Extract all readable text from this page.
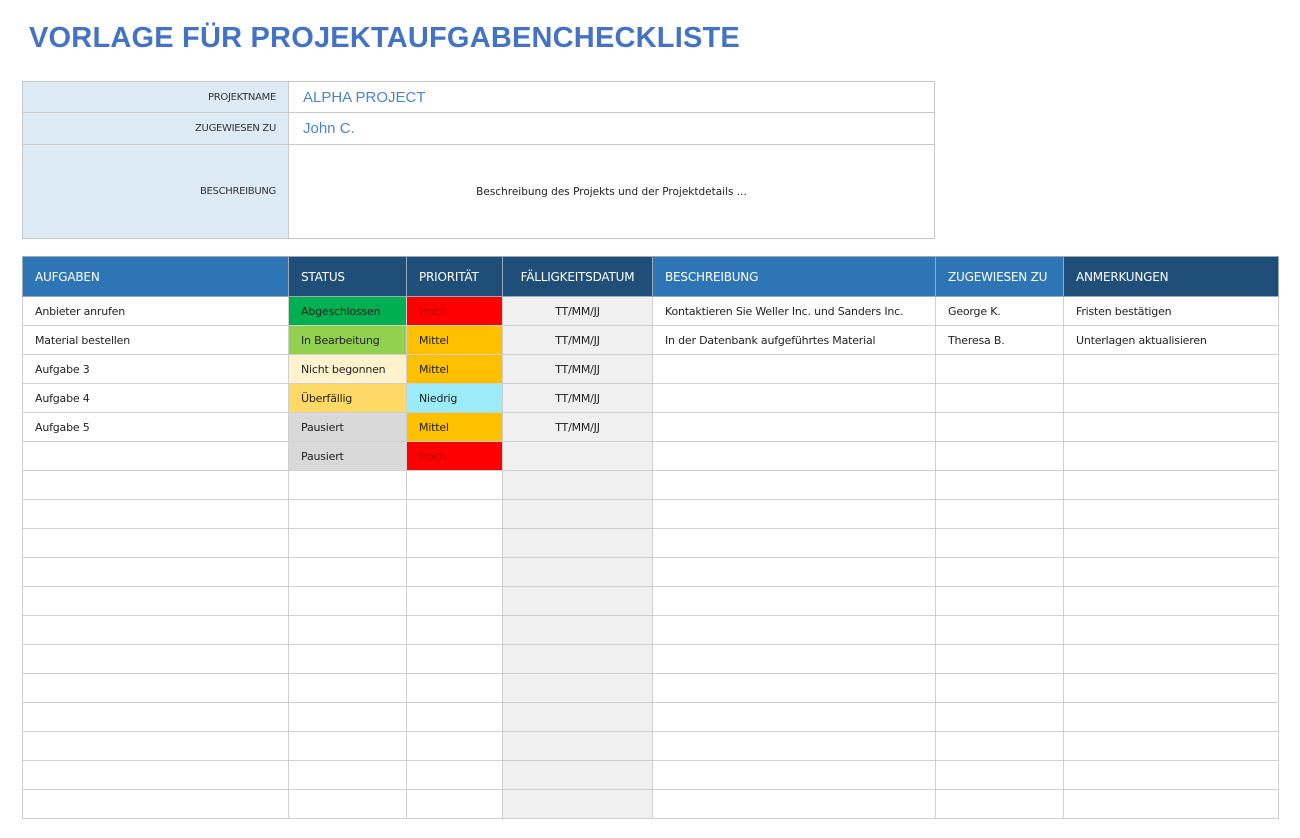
VORLAGE FÜR PROJEKTAUFGABENCHECKLISTE
PROJEKTNAME	ALPHA PROJECT
ZUGEWIESEN ZU	John C.
BESCHREIBUNG	Beschreibung des Projekts und der Projektdetails ...
AUFGABEN	STATUS	PRIORITÄT	FÄLLIGKEITSDATUM	BESCHREIBUNG	ZUGEWIESEN ZU	ANMERKUNGEN
Anbieter anrufen	Abgeschlossen	Hoch	TT/MM/JJ	Kontaktieren Sie Weller Inc. und Sanders Inc.	George K.	Fristen bestätigen
Material bestellen	In Bearbeitung	Mittel	TT/MM/JJ	In der Datenbank aufgeführtes Material	Theresa B.	Unterlagen aktualisieren
Aufgabe 3	Nicht begonnen	Mittel	TT/MM/JJ			
Aufgabe 4	Überfällig	Niedrig	TT/MM/JJ			
Aufgabe 5	Pausiert	Mittel	TT/MM/JJ			
	Pausiert	Hoch				
